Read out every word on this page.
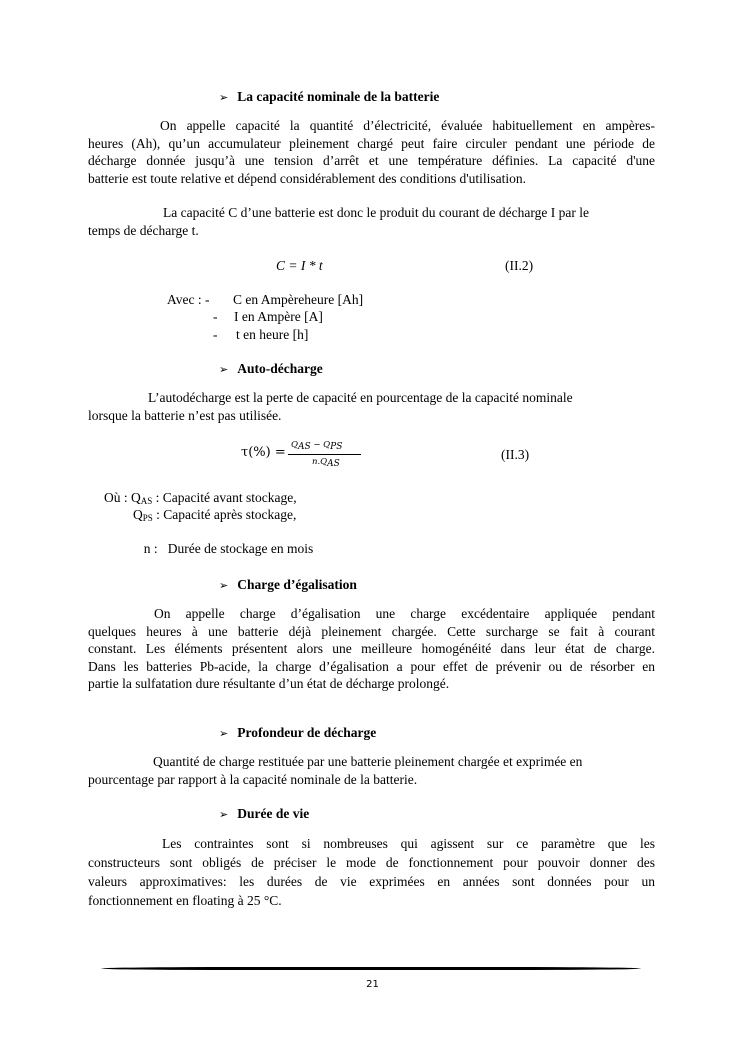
➢ La capacité nominale de la batterie

On appelle capacité la quantité d’électricité, évaluée habituellement en ampères-

heures (Ah), qu’un accumulateur pleinement chargé peut faire circuler pendant une période de

décharge donnée jusqu’à une tension d’arrêt et une température définies. La capacité d'une

batterie est toute relative et dépend considérablement des conditions d'utilisation.

La capacité C d’une batterie est donc le produit du courant de décharge I par le

temps de décharge t.

C = I * t	(II.2)
Avec : - C en Ampèreheure [Ah]
- I en Ampère [A]
- t en heure [h]
➢ Auto-décharge

L’autodécharge est la perte de capacité en pourcentage de la capacité nominale

lorsque la batterie n’est pas utilisée.

$\tau(\%) = Q_{AS} - Q_{PS}$
$n.Q_{AS}$
(II.3)
Où : $Q_{AS}$ : Capacité avant stockage,
$Q_{PS}$ : Capacité après stockage,

n :   Durée de stockage en mois

➢ Charge d’égalisation

On appelle charge d’égalisation une charge excédentaire appliquée pendant

quelques heures à une batterie déjà pleinement chargée. Cette surcharge se fait à courant

constant. Les éléments présentent alors une meilleure homogénéité dans leur état de charge.

Dans les batteries Pb-acide, la charge d’égalisation a pour effet de prévenir ou de résorber en

partie la sulfatation dure résultante d’un état de décharge prolongé.

➢ Profondeur de décharge

Quantité de charge restituée par une batterie pleinement chargée et exprimée en

pourcentage par rapport à la capacité nominale de la batterie.

➢ Durée de vie

Les contraintes sont si nombreuses qui agissent sur ce paramètre que les

constructeurs sont obligés de préciser le mode de fonctionnement pour pouvoir donner des

valeurs approximatives: les durées de vie exprimées en années sont données pour un

fonctionnement en floating à 25 °C.

21
